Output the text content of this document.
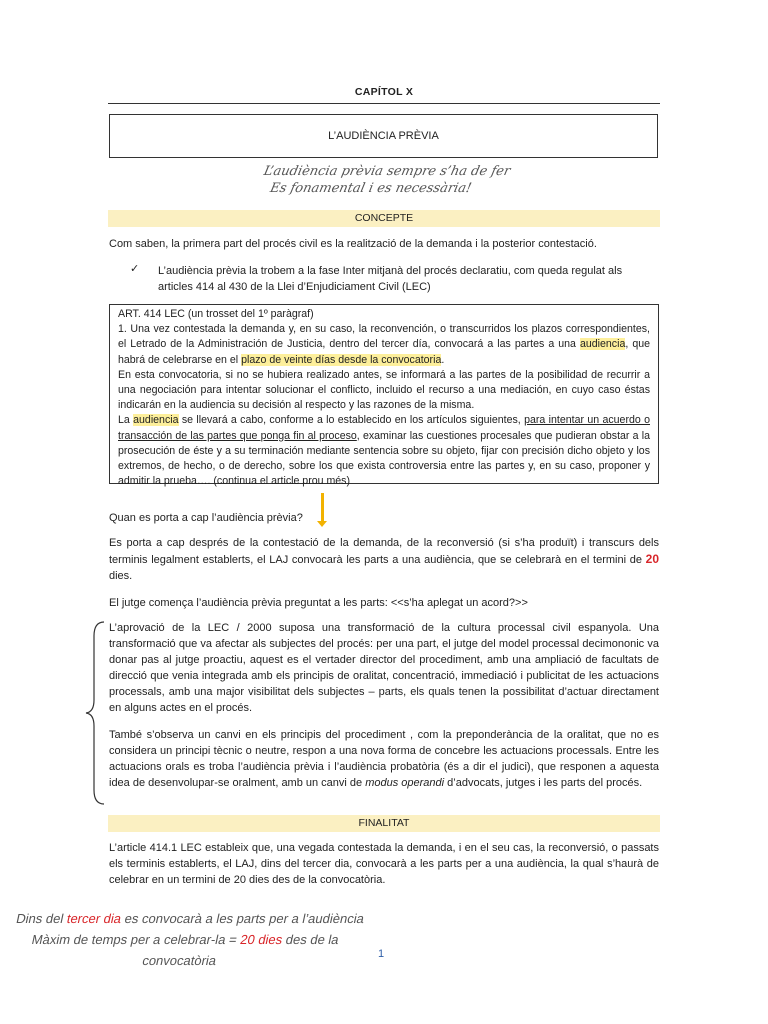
CAPÍTOL X
L’AUDIÈNCIA PRÈVIA
L’audiència prèvia sempre s’ha de fer
Es fonamental i es necessària!
CONCEPTE

Com saben, la primera part del procés civil es la realització de la demanda i la posterior contestació.

✓ L’audiència prèvia la trobem a la fase Inter mitjanà del procés declaratiu, com queda regulat als articles 414 al 430 de la Llei d’Enjudiciament Civil (LEC)

ART. 414 LEC (un trosset del 1º paràgraf)

1. Una vez contestada la demanda y, en su caso, la reconvención, o transcurridos los plazos correspondientes, el Letrado de la Administración de Justicia, dentro del tercer día, convocará a las partes a una audiencia, que habrá de celebrarse en el plazo de veinte días desde la convocatoria.

En esta convocatoria, si no se hubiera realizado antes, se informará a las partes de la posibilidad de recurrir a una negociación para intentar solucionar el conflicto, incluido el recurso a una mediación, en cuyo caso éstas indicarán en la audiencia su decisión al respecto y las razones de la misma.

La audiencia se llevará a cabo, conforme a lo establecido en los artículos siguientes, para intentar un acuerdo o transacción de las partes que ponga fin al proceso, examinar las cuestiones procesales que pudieran obstar a la prosecución de éste y a su terminación mediante sentencia sobre su objeto, fijar con precisión dicho objeto y los extremos, de hecho, o de derecho, sobre los que exista controversia entre las partes y, en su caso, proponer y admitir la prueba…. (continua el article prou més)

Quan es porta a cap l’audiència prèvia?

Es porta a cap després de la contestació de la demanda, de la reconversió (si s’ha produït) i transcurs dels terminis legalment establerts, el LAJ convocarà les parts a una audiència, que se celebrarà en el termini de 20 dies.

El jutge comença l’audiència prèvia preguntat a les parts: <<s’ha aplegat un acord?>>

L’aprovació de la LEC / 2000 suposa una transformació de la cultura processal civil espanyola. Una transformació que va afectar als subjectes del procés: per una part, el jutge del model processal decimononic va donar pas al jutge proactiu, aquest es el vertader director del procediment, amb una ampliació de facultats de direcció que venia integrada amb els principis de oralitat, concentració, immediació i publicitat de les actuacions processals, amb una major visibilitat dels subjectes – parts, els quals tenen la possibilitat d’actuar directament en alguns actes en el procés.

També s’observa un canvi en els principis del procediment , com la preponderància de la oralitat, que no es considera un principi tècnic o neutre, respon a una nova forma de concebre les actuacions processals. Entre les actuacions orals es troba l’audiència prèvia i l’audiència probatòria (és a dir el judici), que responen a aquesta idea de desenvolupar-se oralment, amb un canvi de modus operandi d’advocats, jutges i les parts del procés.

FINALITAT

L’article 414.1 LEC estableix que, una vegada contestada la demanda, i en el seu cas, la reconversió, o passats els terminis establerts, el LAJ, dins del tercer dia, convocarà a les parts per a una audiència, la qual s’haurà de celebrar en un termini de 20 dies des de la convocatòria.

Dins del tercer dia es convocarà a les parts per a l’audiència
Màxim de temps per a celebrar-la = 20 dies des de la
convocatòria	1
